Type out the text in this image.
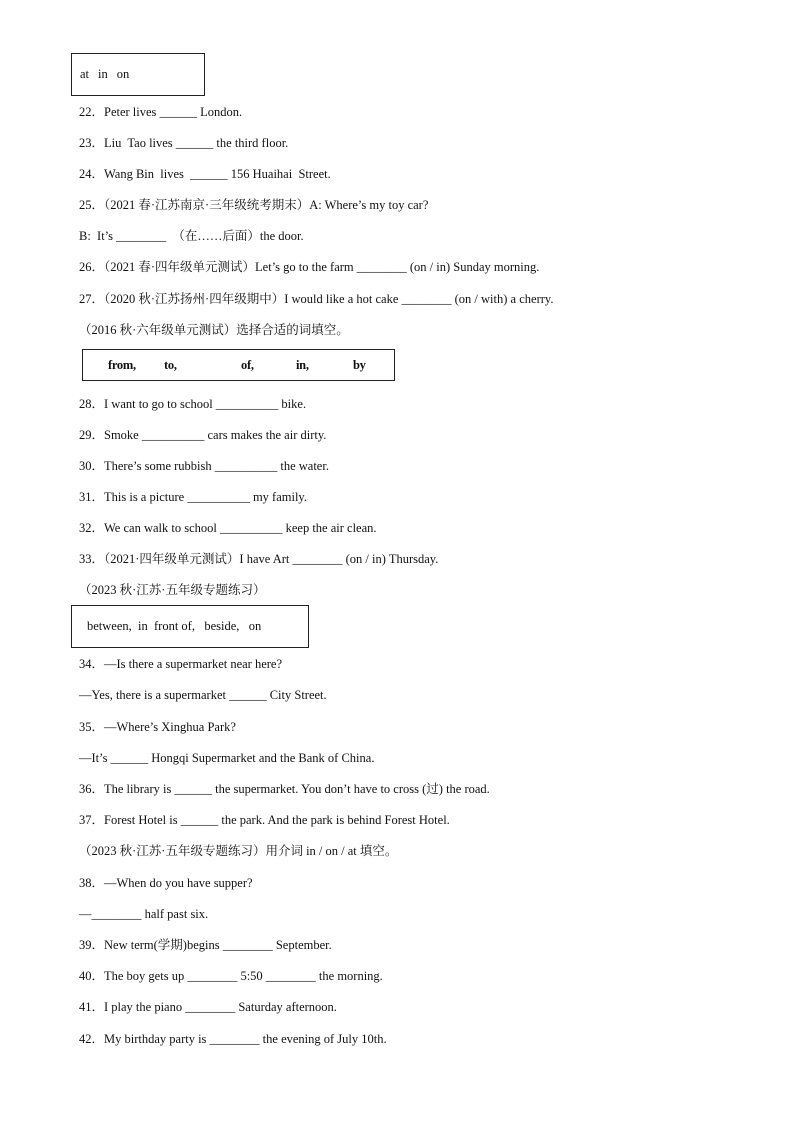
at in on
22．Peter lives ______ London.
23．Liu  Tao lives ______ the third floor.
24．Wang Bin  lives  ______ 156 Huaihai  Street.
25．（2021 春·江苏南京·三年级统考期末）A: Where’s my toy car?
B:  It’s ________  （在……后面）the door.
26．（2021 春·四年级单元测试）Let’s go to the farm ________ (on / in) Sunday morning.
27．（2020 秋·江苏扬州·四年级期中）I would like a hot cake ________ (on / with) a cherry.
（2016 秋·六年级单元测试）选择合适的词填空。
from,	to,	of,	in,	by
28．I want to go to school __________ bike.
29．Smoke __________ cars makes the air dirty.
30．There’s some rubbish __________ the water.
31．This is a picture __________ my family.
32．We can walk to school __________ keep the air clean.
33．（2021·四年级单元测试）I have Art ________ (on / in) Thursday.
（2023 秋·江苏·五年级专题练习）
between,  in  front of,   beside,   on
34．—Is there a supermarket near here?
—Yes, there is a supermarket ______ City Street.
35．—Where’s Xinghua Park?
—It’s ______ Hongqi Supermarket and the Bank of China.
36．The library is ______ the supermarket. You don’t have to cross (过) the road.
37．Forest Hotel is ______ the park. And the park is behind Forest Hotel.
（2023 秋·江苏·五年级专题练习）用介词 in / on / at 填空。
38．—When do you have supper?
—________ half past six.
39．New term(学期)begins ________ September.
40．The boy gets up ________ 5:50 ________ the morning.
41．I play the piano ________ Saturday afternoon.
42．My birthday party is ________ the evening of July 10th.
